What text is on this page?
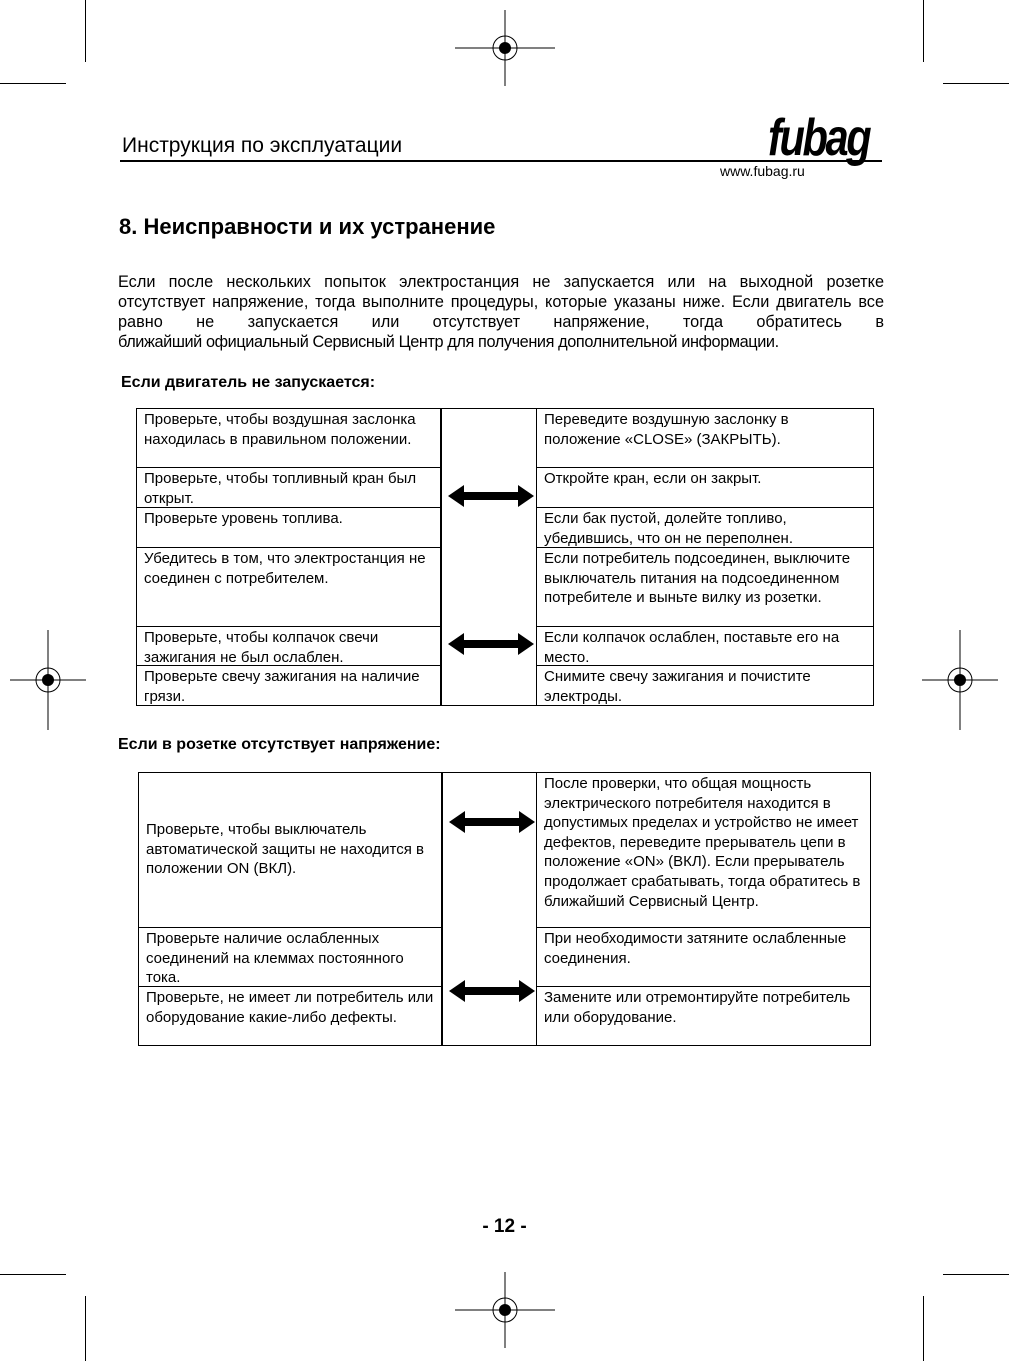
Инструкция по эксплуатации	fubag
www.fubag.ru
8. Неисправности и их устранение
Если после нескольких попыток электростанция не запускается или на выходной розетке отсутствует напряжение, тогда выполните процедуры, которые указаны ниже. Если двигатель все равно не запускается или отсутствует напряжение, тогда обратитесь в
ближайший официальный Сервисный Центр для получения дополнительной информации.
Если двигатель не запускается:
Проверьте, чтобы воздушная заслонка находилась в правильном положении.
Переведите воздушную заслонку в положение «CLOSE» (ЗАКРЫТЬ).
Проверьте, чтобы топливный кран был открыт.
Откройте кран, если он закрыт.
Проверьте уровень топлива.	Если бак пустой, долейте топливо, убедившись, что он не переполнен.
Убедитесь в том, что электростанция не соединен с потребителем.
Если потребитель подсоединен, выключите выключатель питания на подсоединенном потребителе и выньте вилку из розетки.
Проверьте, чтобы колпачок свечи зажигания не был ослаблен.
Если колпачок ослаблен, поставьте его на место.
Проверьте свечу зажигания на наличие грязи.
Снимите свечу зажигания и почистите электроды.
Если в розетке отсутствует напряжение:
Проверьте, чтобы выключатель автоматической защиты не находится в положении ON (ВКЛ).
После проверки, что общая мощность электрического потребителя находится в допустимых пределах и устройство не имеет дефектов, переведите прерыватель цепи в положение «ON» (ВКЛ). Если прерыватель продолжает срабатывать, тогда обратитесь в ближайший Сервисный Центр.
Проверьте наличие ослабленных соединений на клеммах постоянного тока.
При необходимости затяните ослабленные соединения.
Проверьте, не имеет ли потребитель или оборудование какие-либо дефекты.
Замените или отремонтируйте потребитель или оборудование.
- 12 -
